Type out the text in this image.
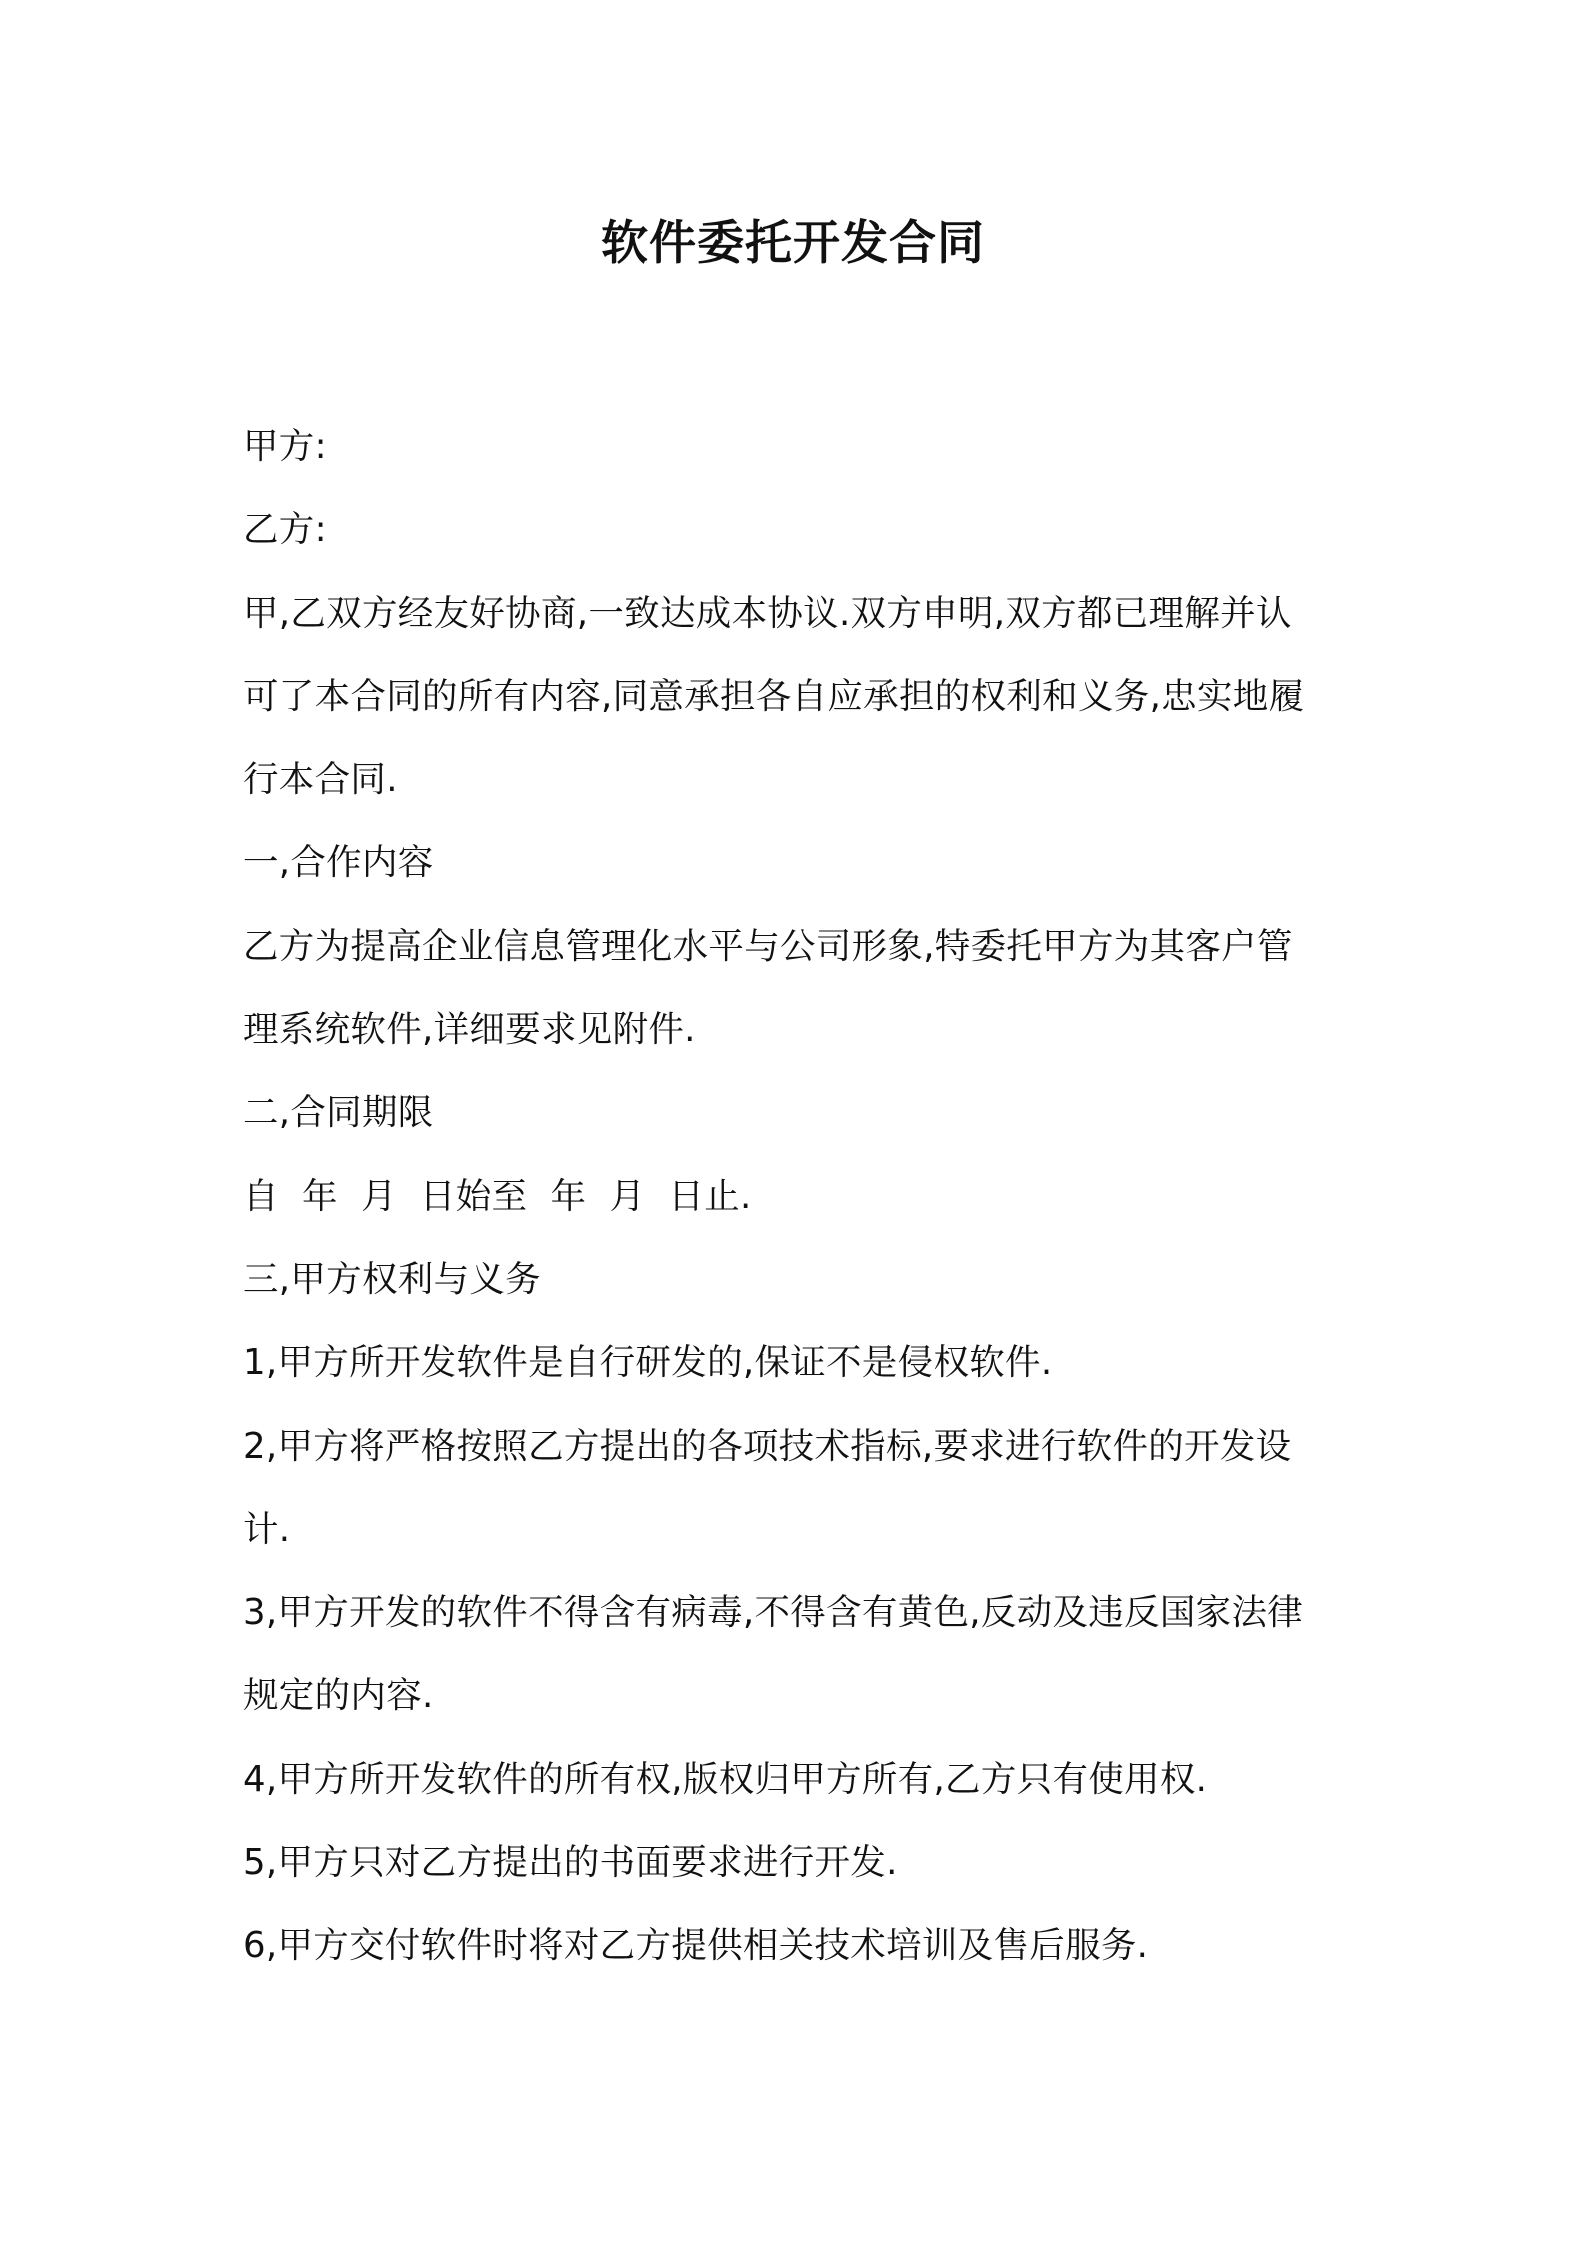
软件委托开发合同
甲方:
乙方:
甲,乙双方经友好协商,一致达成本协议.双方申明,双方都已理解并认
可了本合同的所有内容,同意承担各自应承担的权利和义务,忠实地履
行本合同.
一,合作内容
乙方为提高企业信息管理化水平与公司形象,特委托甲方为其客户管
理系统软件,详细要求见附件.
二,合同期限
自  年  月  日始至  年  月  日止.
三,甲方权利与义务
1,甲方所开发软件是自行研发的,保证不是侵权软件.
2,甲方将严格按照乙方提出的各项技术指标,要求进行软件的开发设
计.
3,甲方开发的软件不得含有病毒,不得含有黄色,反动及违反国家法律
规定的内容.
4,甲方所开发软件的所有权,版权归甲方所有,乙方只有使用权.
5,甲方只对乙方提出的书面要求进行开发.
6,甲方交付软件时将对乙方提供相关技术培训及售后服务.
